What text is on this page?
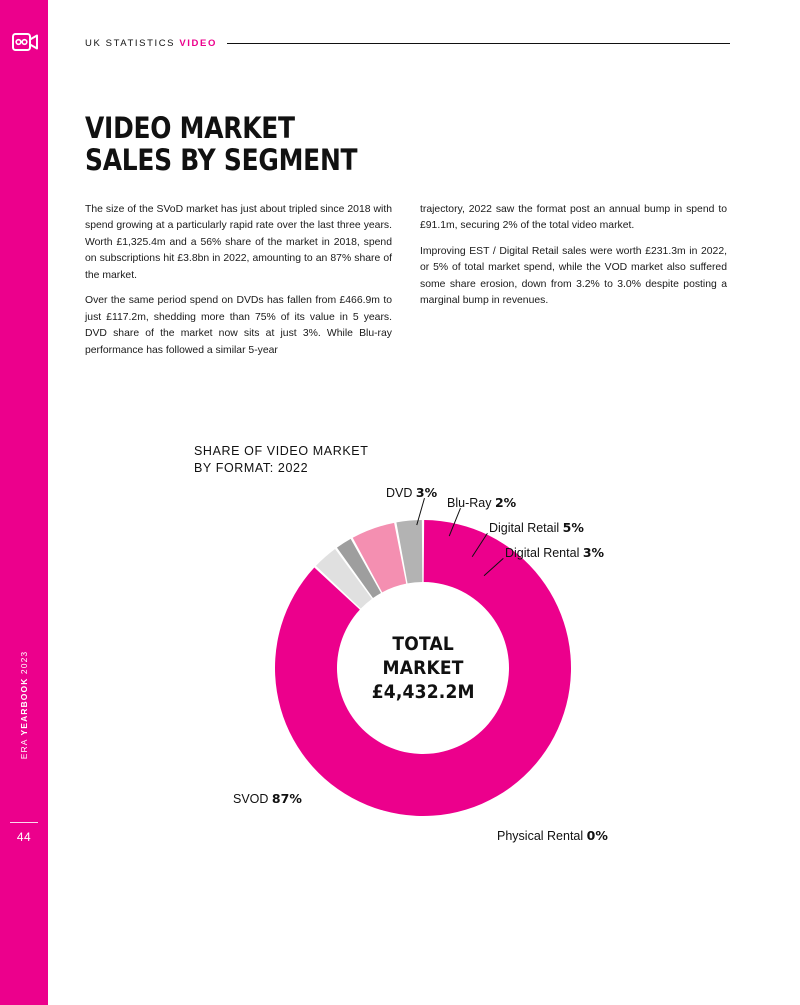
ERA YEARBOOK 2023
44
UK STATISTICS VIDEO
VIDEO MARKET SALES BY SEGMENT

The size of the SVoD market has just about tripled since 2018 with spend growing at a particularly rapid rate over the last three years. Worth £1,325.4m and a 56% share of the market in 2018, spend on subscriptions hit £3.8bn in 2022, amounting to an 87% share of the market.

Over the same period spend on DVDs has fallen from £466.9m to just £117.2m, shedding more than 75% of its value in 5 years. DVD share of the market now sits at just 3%. While Blu-ray performance has followed a similar 5-year

trajectory, 2022 saw the format post an annual bump in spend to £91.1m, securing 2% of the total video market.

Improving EST / Digital Retail sales were worth £231.3m in 2022, or 5% of total market spend, while the VOD market also suffered some share erosion, down from 3.2% to 3.0% despite posting a marginal bump in revenues.

SHARE OF VIDEO MARKET
BY FORMAT: 2022
TOTAL
MARKET
£4,432.2M
DVD 3%
Blu-Ray 2%
Digital Retail 5%
Digital Rental 3%
Physical Rental 0%
SVOD 87%
